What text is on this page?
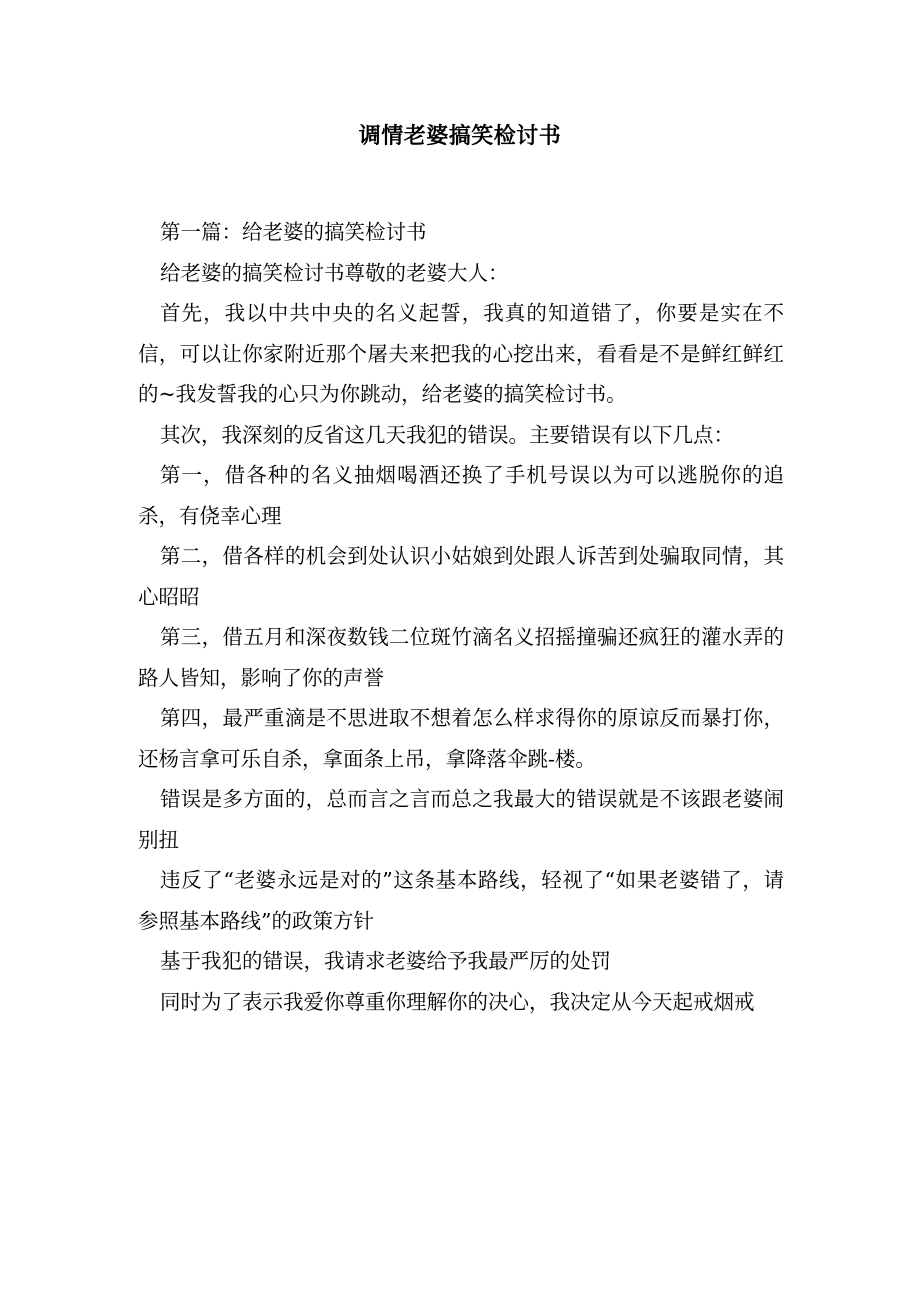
调情老婆搞笑检讨书

第一篇：给老婆的搞笑检讨书

给老婆的搞笑检讨书尊敬的老婆大人：

首先，我以中共中央的名义起誓，我真的知道错了，你要是实在不信，可以让你家附近那个屠夫来把我的心挖出来，看看是不是鲜红鲜红的~我发誓我的心只为你跳动，给老婆的搞笑检讨书。

其次，我深刻的反省这几天我犯的错误。主要错误有以下几点：

第一，借各种的名义抽烟喝酒还换了手机号误以为可以逃脱你的追杀，有侥幸心理

第二，借各样的机会到处认识小姑娘到处跟人诉苦到处骗取同情，其心昭昭

第三，借五月和深夜数钱二位斑竹滴名义招摇撞骗还疯狂的灌水弄的路人皆知，影响了你的声誉

第四，最严重滴是不思进取不想着怎么样求得你的原谅反而暴打你，还杨言拿可乐自杀，拿面条上吊，拿降落伞跳-楼。

错误是多方面的，总而言之言而总之我最大的错误就是不该跟老婆闹别扭

违反了“老婆永远是对的”这条基本路线，轻视了“如果老婆错了，请参照基本路线”的政策方针

基于我犯的错误，我请求老婆给予我最严厉的处罚

同时为了表示我爱你尊重你理解你的决心，我决定从今天起戒烟戒
